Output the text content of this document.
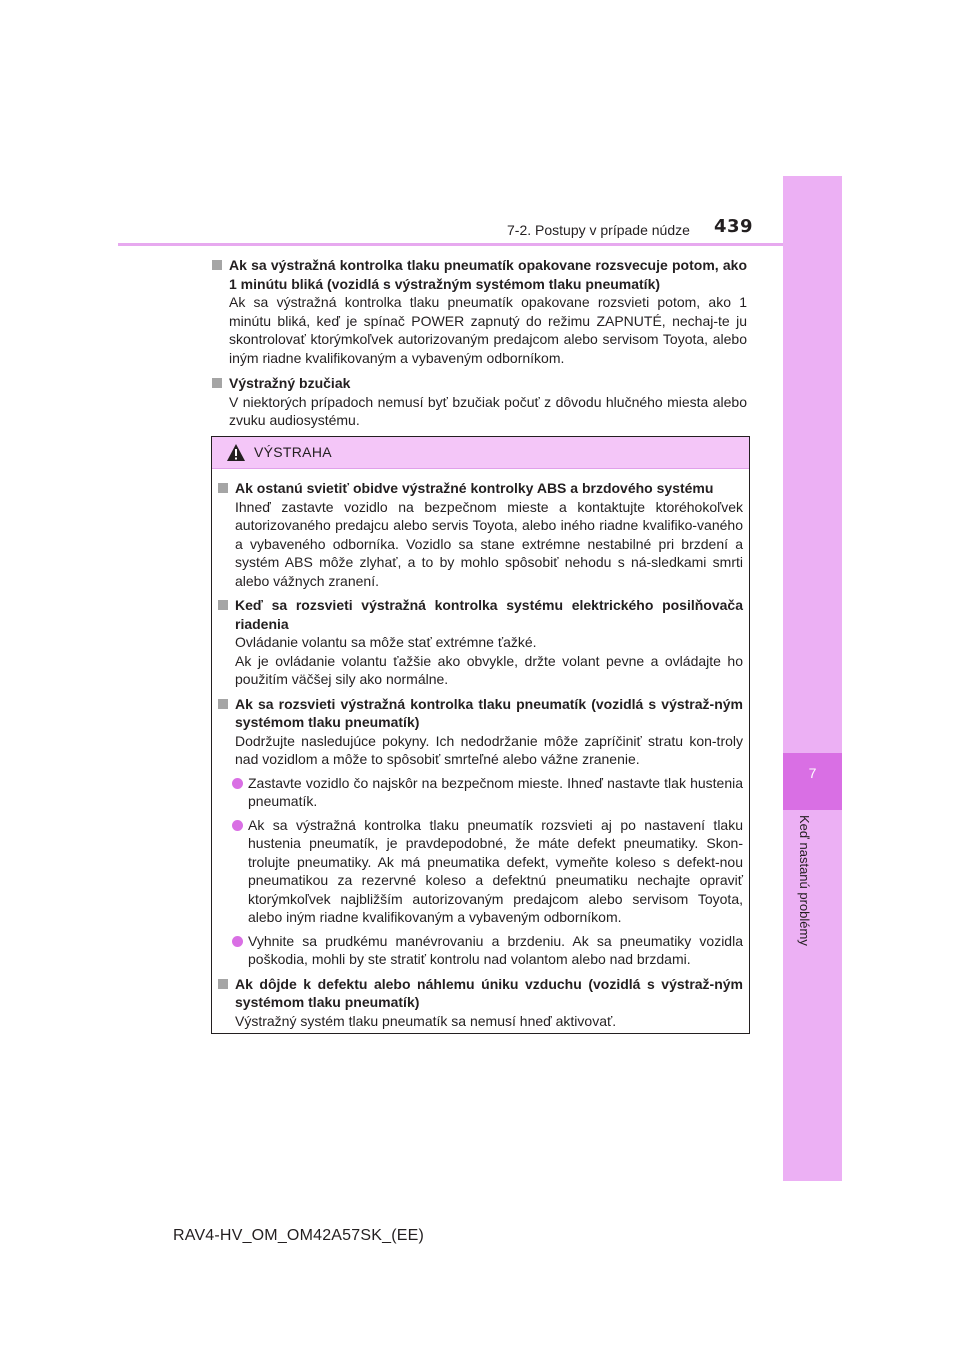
7-2. Postupy v prípade núdze 439
7
Keď nastanú problémy
Ak sa výstražná kontrolka tlaku pneumatík opakovane rozsvecuje potom, ako 1 minútu bliká (vozidlá s výstražným systémom tlaku pneumatík)
Ak sa výstražná kontrolka tlaku pneumatík opakovane rozsvieti potom, ako 1 minútu bliká, keď je spínač POWER zapnutý do režimu ZAPNUTÉ, nechaj-te ju skontrolovať ktorýmkoľvek autorizovaným predajcom alebo servisom Toyota, alebo iným riadne kvalifikovaným a vybaveným odborníkom.
Výstražný bzučiak
V niektorých prípadoch nemusí byť bzučiak počuť z dôvodu hlučného miesta alebo zvuku audiosystému.
VÝSTRAHA
Ak ostanú svietiť obidve výstražné kontrolky ABS a brzdového systému
Ihneď zastavte vozidlo na bezpečnom mieste a kontaktujte ktoréhokoľvek autorizovaného predajcu alebo servis Toyota, alebo iného riadne kvalifiko-vaného a vybaveného odborníka. Vozidlo sa stane extrémne nestabilné pri brzdení a systém ABS môže zlyhať, a to by mohlo spôsobiť nehodu s ná-sledkami smrti alebo vážnych zranení.
Keď sa rozsvieti výstražná kontrolka systému elektrického posilňovača riadenia
Ovládanie volantu sa môže stať extrémne ťažké.
Ak je ovládanie volantu ťažšie ako obvykle, držte volant pevne a ovládajte ho použitím väčšej sily ako normálne.
Ak sa rozsvieti výstražná kontrolka tlaku pneumatík (vozidlá s výstraž-ným systémom tlaku pneumatík)
Dodržujte nasledujúce pokyny. Ich nedodržanie môže zapríčiniť stratu kon-troly nad vozidlom a môže to spôsobiť smrteľné alebo vážne zranenie.
Zastavte vozidlo čo najskôr na bezpečnom mieste. Ihneď nastavte tlak hustenia pneumatík.
Ak sa výstražná kontrolka tlaku pneumatík rozsvieti aj po nastavení tlaku hustenia pneumatík, je pravdepodobné, že máte defekt pneumatiky. Skon-trolujte pneumatiky. Ak má pneumatika defekt, vymeňte koleso s defekt-nou pneumatikou za rezervné koleso a defektnú pneumatiku nechajte opraviť ktorýmkoľvek najbližším autorizovaným predajcom alebo servisom Toyota, alebo iným riadne kvalifikovaným a vybaveným odborníkom.
Vyhnite sa prudkému manévrovaniu a brzdeniu. Ak sa pneumatiky vozidla poškodia, mohli by ste stratiť kontrolu nad volantom alebo nad brzdami.
Ak dôjde k defektu alebo náhlemu úniku vzduchu (vozidlá s výstraž-ným systémom tlaku pneumatík)
Výstražný systém tlaku pneumatík sa nemusí hneď aktivovať.
RAV4-HV_OM_OM42A57SK_(EE)
